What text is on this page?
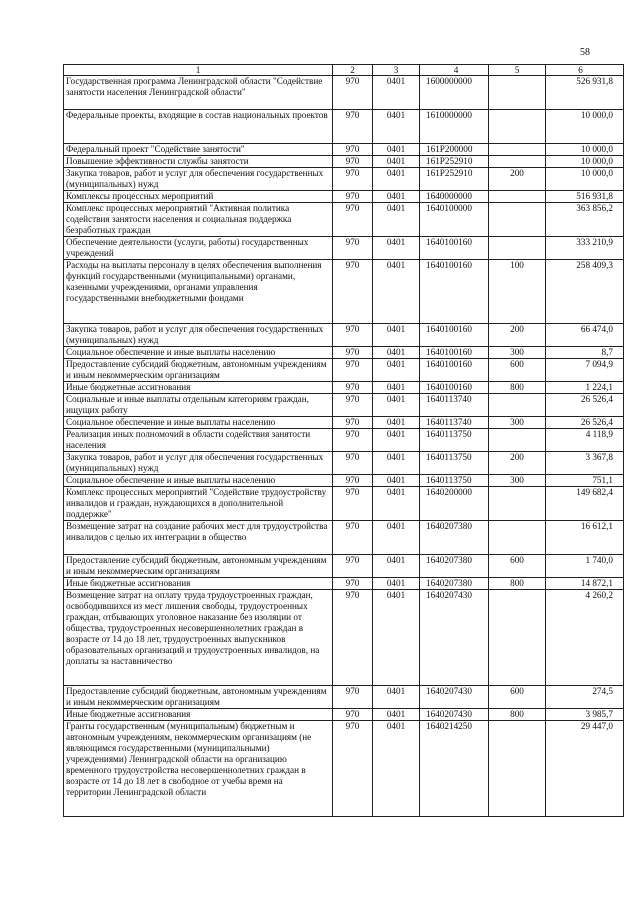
58
1	2	3	4	5	6
Государственная программа Ленинградской области "Содействие занятости населения Ленинградской области"	970	0401	1600000000		526 931,8
Федеральные проекты, входящие в состав национальных проектов	970	0401	1610000000		10 000,0
Федеральный проект "Содействие занятости"	970	0401	161P200000		10 000,0
Повышение эффективности службы занятости	970	0401	161P252910		10 000,0
Закупка товаров, работ и услуг для обеспечения государственных (муниципальных) нужд	970	0401	161P252910	200	10 000,0
Комплексы процессных мероприятий	970	0401	1640000000		516 931,8
Комплекс процессных мероприятий "Активная политика содействия занятости населения и социальная поддержка безработных граждан	970	0401	1640100000		363 856,2
Обеспечение деятельности (услуги, работы) государственных учреждений	970	0401	1640100160		333 210,9
Расходы на выплаты персоналу в целях обеспечения выполнения функций государственными (муниципальными) органами, казенными учреждениями, органами управления государственными внебюджетными фондами	970	0401	1640100160	100	258 409,3
Закупка товаров, работ и услуг для обеспечения государственных (муниципальных) нужд	970	0401	1640100160	200	66 474,0
Социальное обеспечение и иные выплаты населению	970	0401	1640100160	300	8,7
Предоставление субсидий бюджетным, автономным учреждениям и иным некоммерческим организациям	970	0401	1640100160	600	7 094,9
Иные бюджетные ассигнования	970	0401	1640100160	800	1 224,1
Социальные и иные выплаты отдельным категориям граждан, ищущих работу	970	0401	1640113740		26 526,4
Социальное обеспечение и иные выплаты населению	970	0401	1640113740	300	26 526,4
Реализация иных полномочий в области содействия занятости населения	970	0401	1640113750		4 118,9
Закупка товаров, работ и услуг для обеспечения государственных (муниципальных) нужд	970	0401	1640113750	200	3 367,8
Социальное обеспечение и иные выплаты населению	970	0401	1640113750	300	751,1
Комплекс процессных мероприятий "Содействие трудоустройству инвалидов и граждан, нуждающихся в дополнительной поддержке"	970	0401	1640200000		149 682,4
Возмещение затрат на создание рабочих мест для трудоустройства инвалидов с целью их интеграции в общество	970	0401	1640207380		16 612,1
Предоставление субсидий бюджетным, автономным учреждениям и иным некоммерческим организациям	970	0401	1640207380	600	1 740,0
Иные бюджетные ассигнования	970	0401	1640207380	800	14 872,1
Возмещение затрат на оплату труда трудоустроенных граждан, освободившихся из мест лишения свободы, трудоустроенных граждан, отбывающих уголовное наказание без изоляции от общества, трудоустроенных несовершеннолетних граждан в возрасте от 14 до 18 лет, трудоустроенных выпускников образовательных организаций и трудоустроенных инвалидов, на доплаты за наставничество	970	0401	1640207430		4 260,2
Предоставление субсидий бюджетным, автономным учреждениям и иным некоммерческим организациям	970	0401	1640207430	600	274,5
Иные бюджетные ассигнования	970	0401	1640207430	800	3 985,7
Гранты государственным (муниципальным) бюджетным и автономным учреждениям, некоммерческим организациям (не являющимся государственными (муниципальными) учреждениями) Ленинградской области на организацию временного трудоустройства несовершеннолетних граждан в возрасте от 14 до 18 лет в свободное от учебы время на территории Ленинградской области	970	0401	1640214250		29 447,0
